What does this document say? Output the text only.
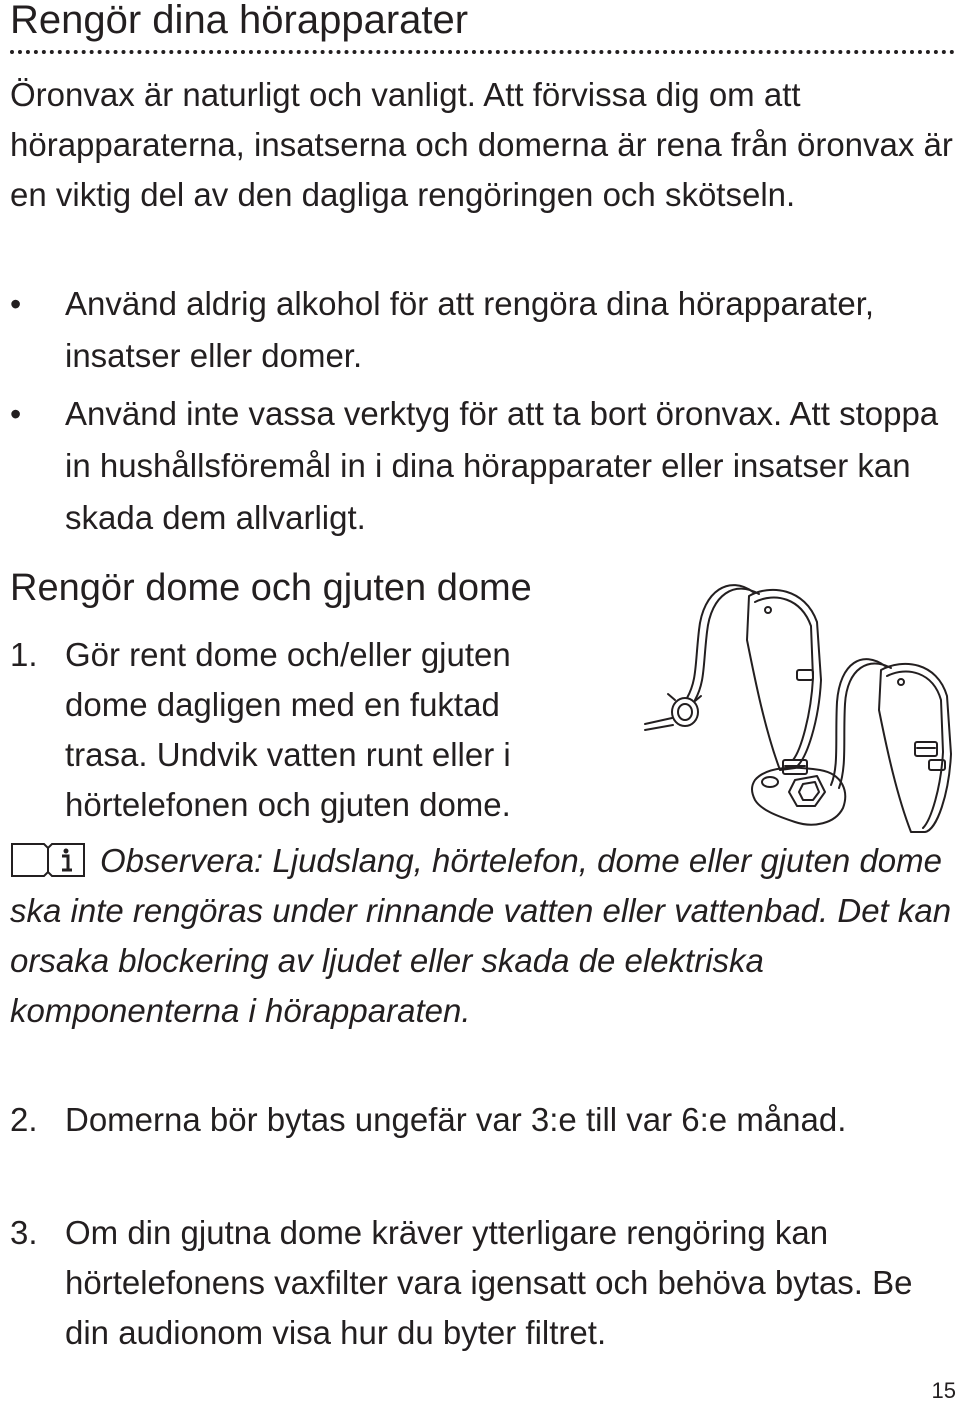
Rengör dina hörapparater

Öronvax är naturligt och vanligt. Att förvissa dig om att hörapparaterna, insatserna och domerna är rena från öronvax är en viktig del av den dagliga rengöringen och skötseln.

•	Använd aldrig alkohol för att rengöra dina hörapparater, insatser eller domer.
•	Använd inte vassa verktyg för att ta bort öronvax. Att stoppa in hushållsföremål in i dina hörapparater eller insatser kan skada dem allvarligt.
Rengör dome och gjuten dome
1. Gör rent dome och/eller gjuten dome dagligen med en fuktad trasa. Undvik vatten runt eller i hörtelefonen och gjuten dome.

Observera: Ljudslang, hörtelefon, dome eller gjuten dome ska inte rengöras under rinnande vatten eller vattenbad. Det kan orsaka blockering av ljudet eller skada de elektriska komponenterna i hörapparaten.

2. Domerna bör bytas ungefär var 3:e till var 6:e månad.
3. Om din gjutna dome kräver ytterligare rengöring kan hörtelefonens vaxfilter vara igensatt och behöva bytas. Be din audionom visa hur du byter filtret.
15
